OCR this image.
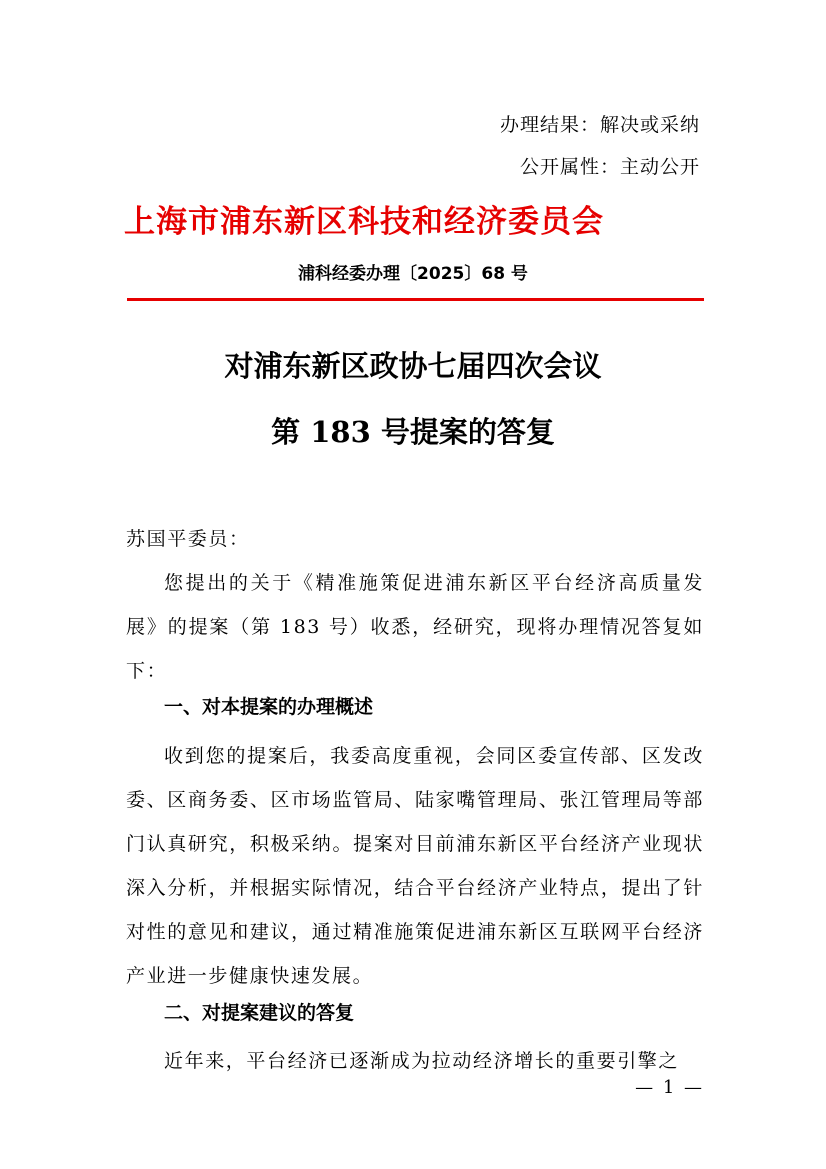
办理结果：解决或采纳
公开属性：主动公开
上海市浦东新区科技和经济委员会
浦科经委办理〔2025〕68 号
对浦东新区政协七届四次会议
第 183 号提案的答复
苏国平委员：
您提出的关于《精准施策促进浦东新区平台经济高质量发展》的提案（第 183 号）收悉，经研究，现将办理情况答复如下：
一、对本提案的办理概述
收到您的提案后，我委高度重视，会同区委宣传部、区发改委、区商务委、区市场监管局、陆家嘴管理局、张江管理局等部门认真研究，积极采纳。提案对目前浦东新区平台经济产业现状深入分析，并根据实际情况，结合平台经济产业特点，提出了针对性的意见和建议，通过精准施策促进浦东新区互联网平台经济产业进一步健康快速发展。
二、对提案建议的答复
近年来，平台经济已逐渐成为拉动经济增长的重要引擎之
— 1 —
